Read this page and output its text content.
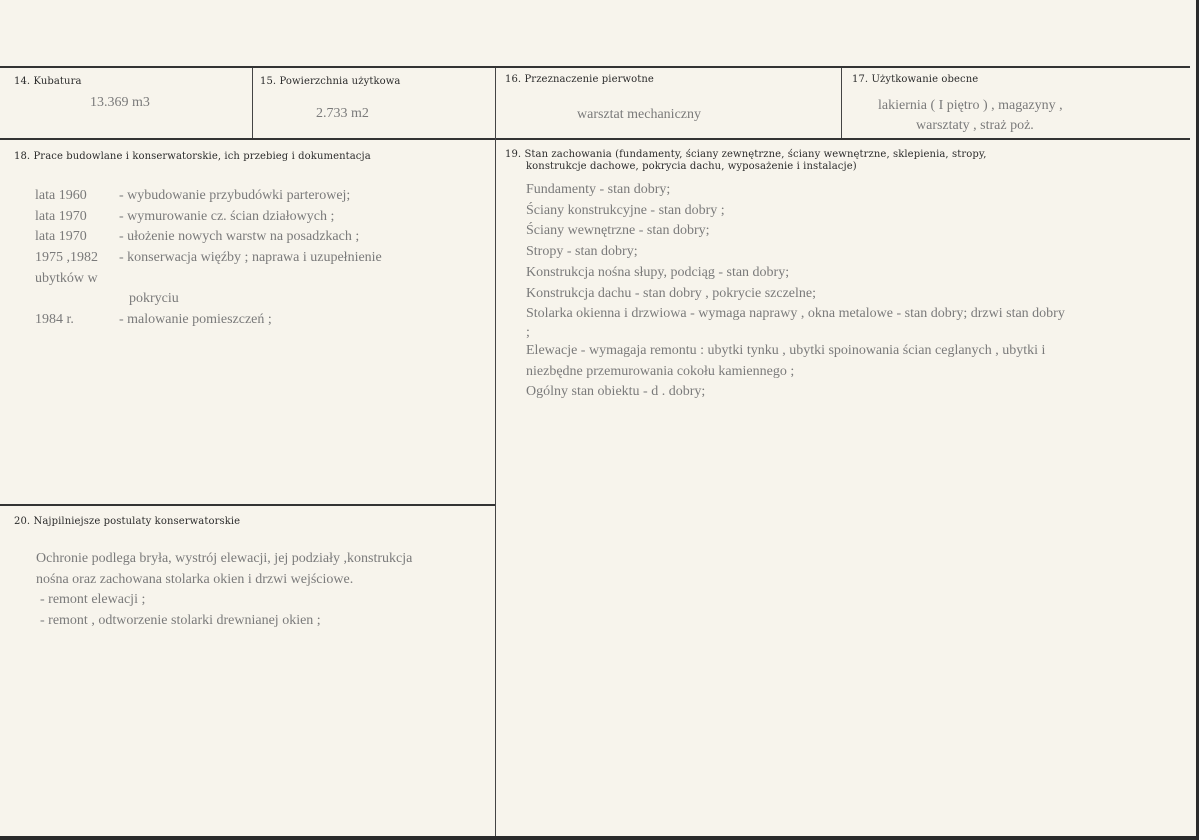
14. Kubatura
13.369 m3
15. Powierzchnia użytkowa
2.733 m2
16. Przeznaczenie pierwotne
warsztat mechaniczny
17. Użytkowanie obecne
lakiernia ( I piętro ) , magazyny ,
warsztaty , straż poż.
18. Prace budowlane i konserwatorskie, ich przebieg i dokumentacja
lata 1960 - wybudowanie przybudówki parterowej;
lata 1970 - wymurowanie cz. ścian działowych ;
lata 1970 - ułożenie nowych warstw na posadzkach ;
1975 ,1982 - konserwacja więźby ; naprawa i uzupełnienie
ubytków w
pokryciu
1984 r.	- malowanie pomieszczeń ;
19. Stan zachowania (fundamenty, ściany zewnętrzne, ściany wewnętrzne, sklepienia, stropy,
konstrukcje dachowe, pokrycia dachu, wyposażenie i instalacje)
Fundamenty - stan dobry;
Ściany konstrukcyjne - stan dobry ;
Ściany wewnętrzne - stan dobry;
Stropy - stan dobry;
Konstrukcja nośna słupy, podciąg - stan dobry;
Konstrukcja dachu - stan dobry , pokrycie szczelne;
Stolarka okienna i drzwiowa - wymaga naprawy , okna metalowe - stan dobry; drzwi stan dobry
;
Elewacje - wymagaja remontu : ubytki tynku , ubytki spoinowania ścian ceglanych , ubytki i
niezbędne przemurowania cokołu kamiennego ;
Ogólny stan obiektu - d . dobry;
20. Najpilniejsze postulaty konserwatorskie
Ochronie podlega bryła, wystrój elewacji, jej podziały ,konstrukcja
nośna oraz zachowana stolarka okien i drzwi wejściowe.
- remont elewacji ;
- remont , odtworzenie stolarki drewnianej okien ;
